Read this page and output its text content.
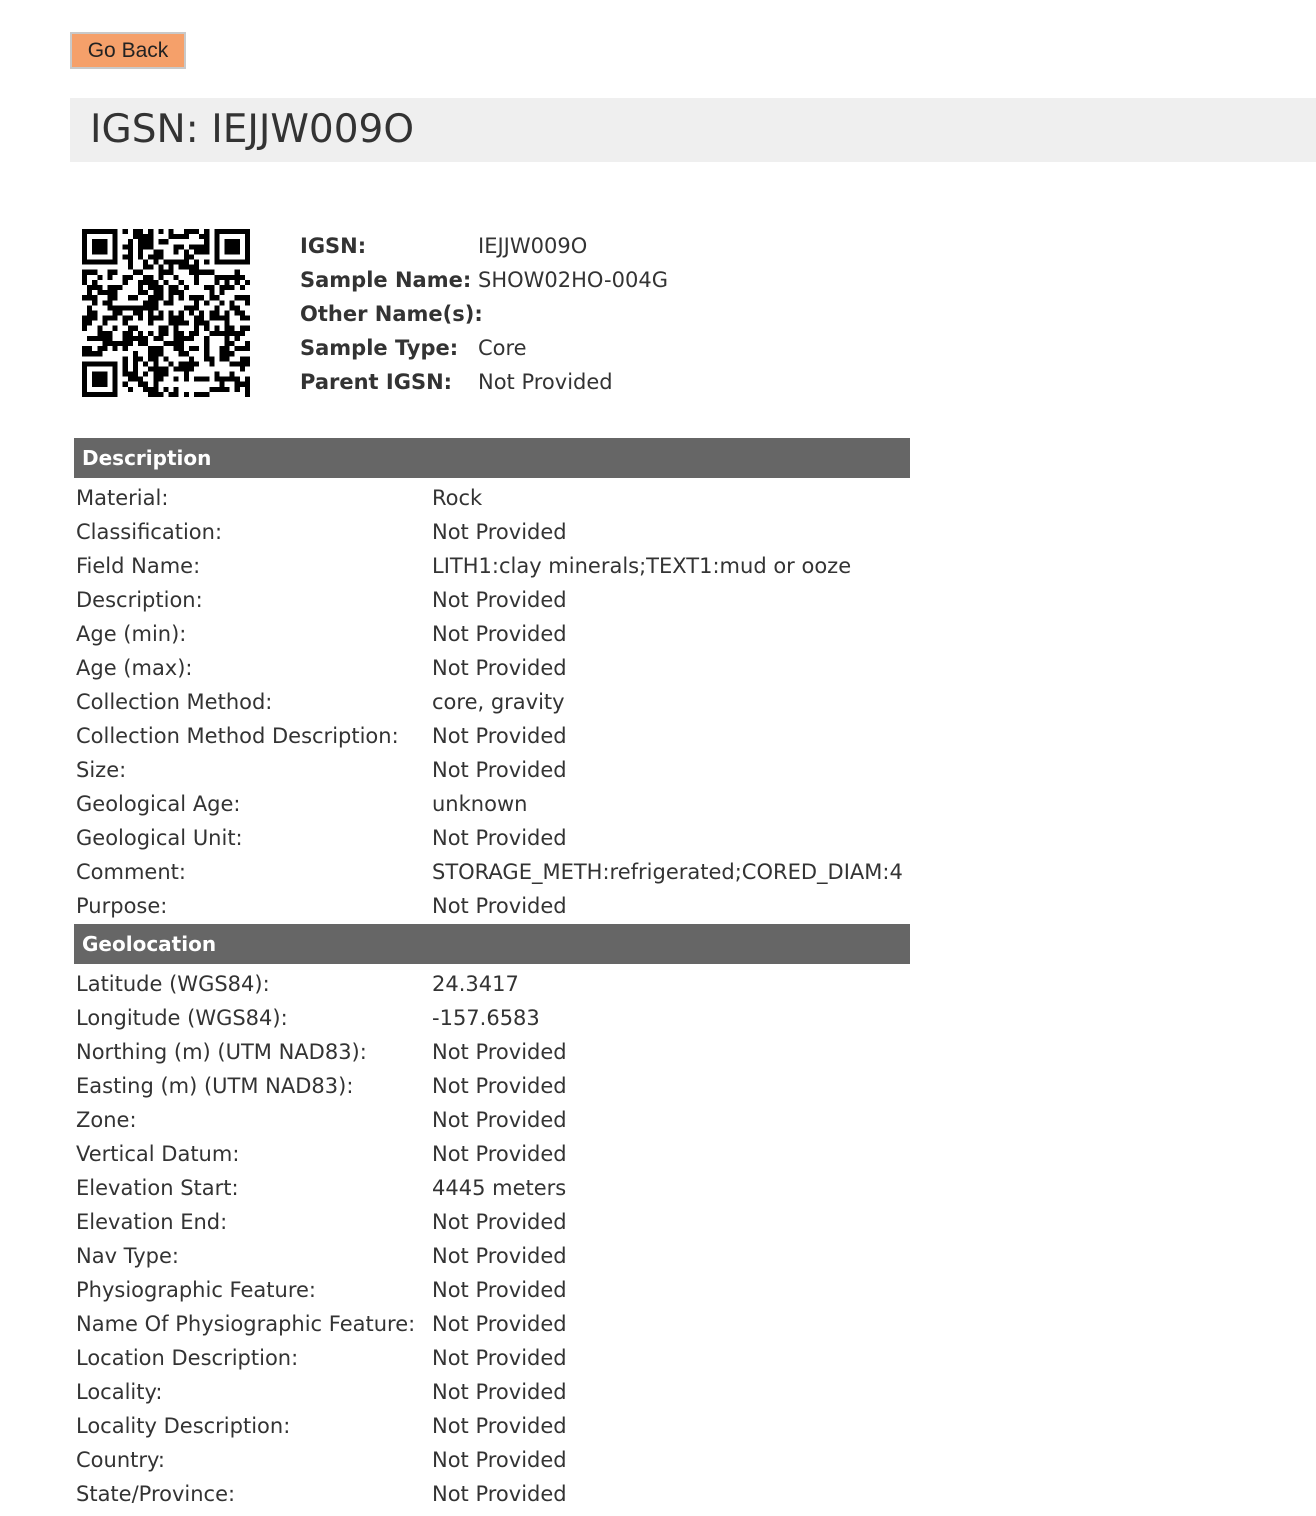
Go Back
IGSN: IEJJW009O
IGSN:	IEJJW009O
Sample Name: SHOW02HO-004G
Other Name(s):
Sample Type: Core
Parent IGSN: Not Provided
Description
Material:	Rock
Classification:	Not Provided
Field Name:	LITH1:clay minerals;TEXT1:mud or ooze
Description:	Not Provided
Age (min):	Not Provided
Age (max):	Not Provided
Collection Method:	core, gravity
Collection Method Description: Not Provided
Size:	Not Provided
Geological Age:	unknown
Geological Unit:	Not Provided
Comment:	STORAGE_METH:refrigerated;CORED_DIAM:4
Purpose:	Not Provided
Geolocation
Latitude (WGS84):	24.3417
Longitude (WGS84):	-157.6583
Northing (m) (UTM NAD83):	Not Provided
Easting (m) (UTM NAD83):	Not Provided
Zone:	Not Provided
Vertical Datum:	Not Provided
Elevation Start:	4445 meters
Elevation End:	Not Provided
Nav Type:	Not Provided
Physiographic Feature:	Not Provided
Name Of Physiographic Feature: Not Provided
Location Description:	Not Provided
Locality:	Not Provided
Locality Description:	Not Provided
Country:	Not Provided
State/Province:	Not Provided
